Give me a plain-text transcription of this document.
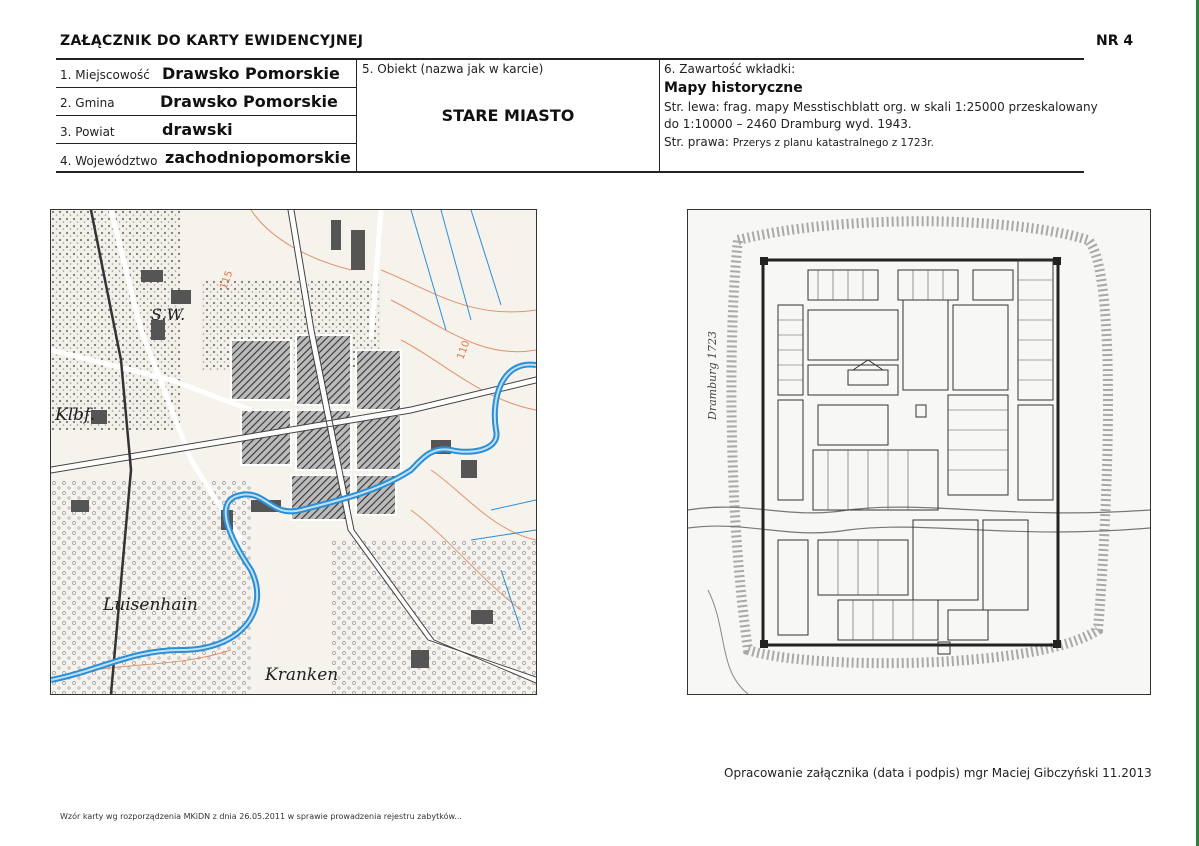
ZAŁĄCZNIK DO KARTY EWIDENCYJNEJ	NR 4
1. Miejscowość Drawsko Pomorskie
2. Gmina	Drawsko Pomorskie
3. Powiat	drawski
4. Województwo zachodniopomorskie
5. Obiekt (nazwa jak w karcie)
STARE MIASTO
6. Zawartość wkładki:
Mapy historyczne
Str. lewa: frag. mapy Messtischblatt org. w skali 1:25000 przeskalowany
do 1:10000 – 2460 Dramburg wyd. 1943.
Str. prawa: Przerys z planu katastralnego z 1723r.
S.W.
Klbf.
Luisenhain
Kranken
115
110	Dramburg 1723
Opracowanie załącznika (data i podpis) mgr Maciej Gibczyński 11.2013
Wzór karty wg rozporządzenia MKiDN z dnia 26.05.2011 w sprawie prowadzenia rejestru zabytków...
